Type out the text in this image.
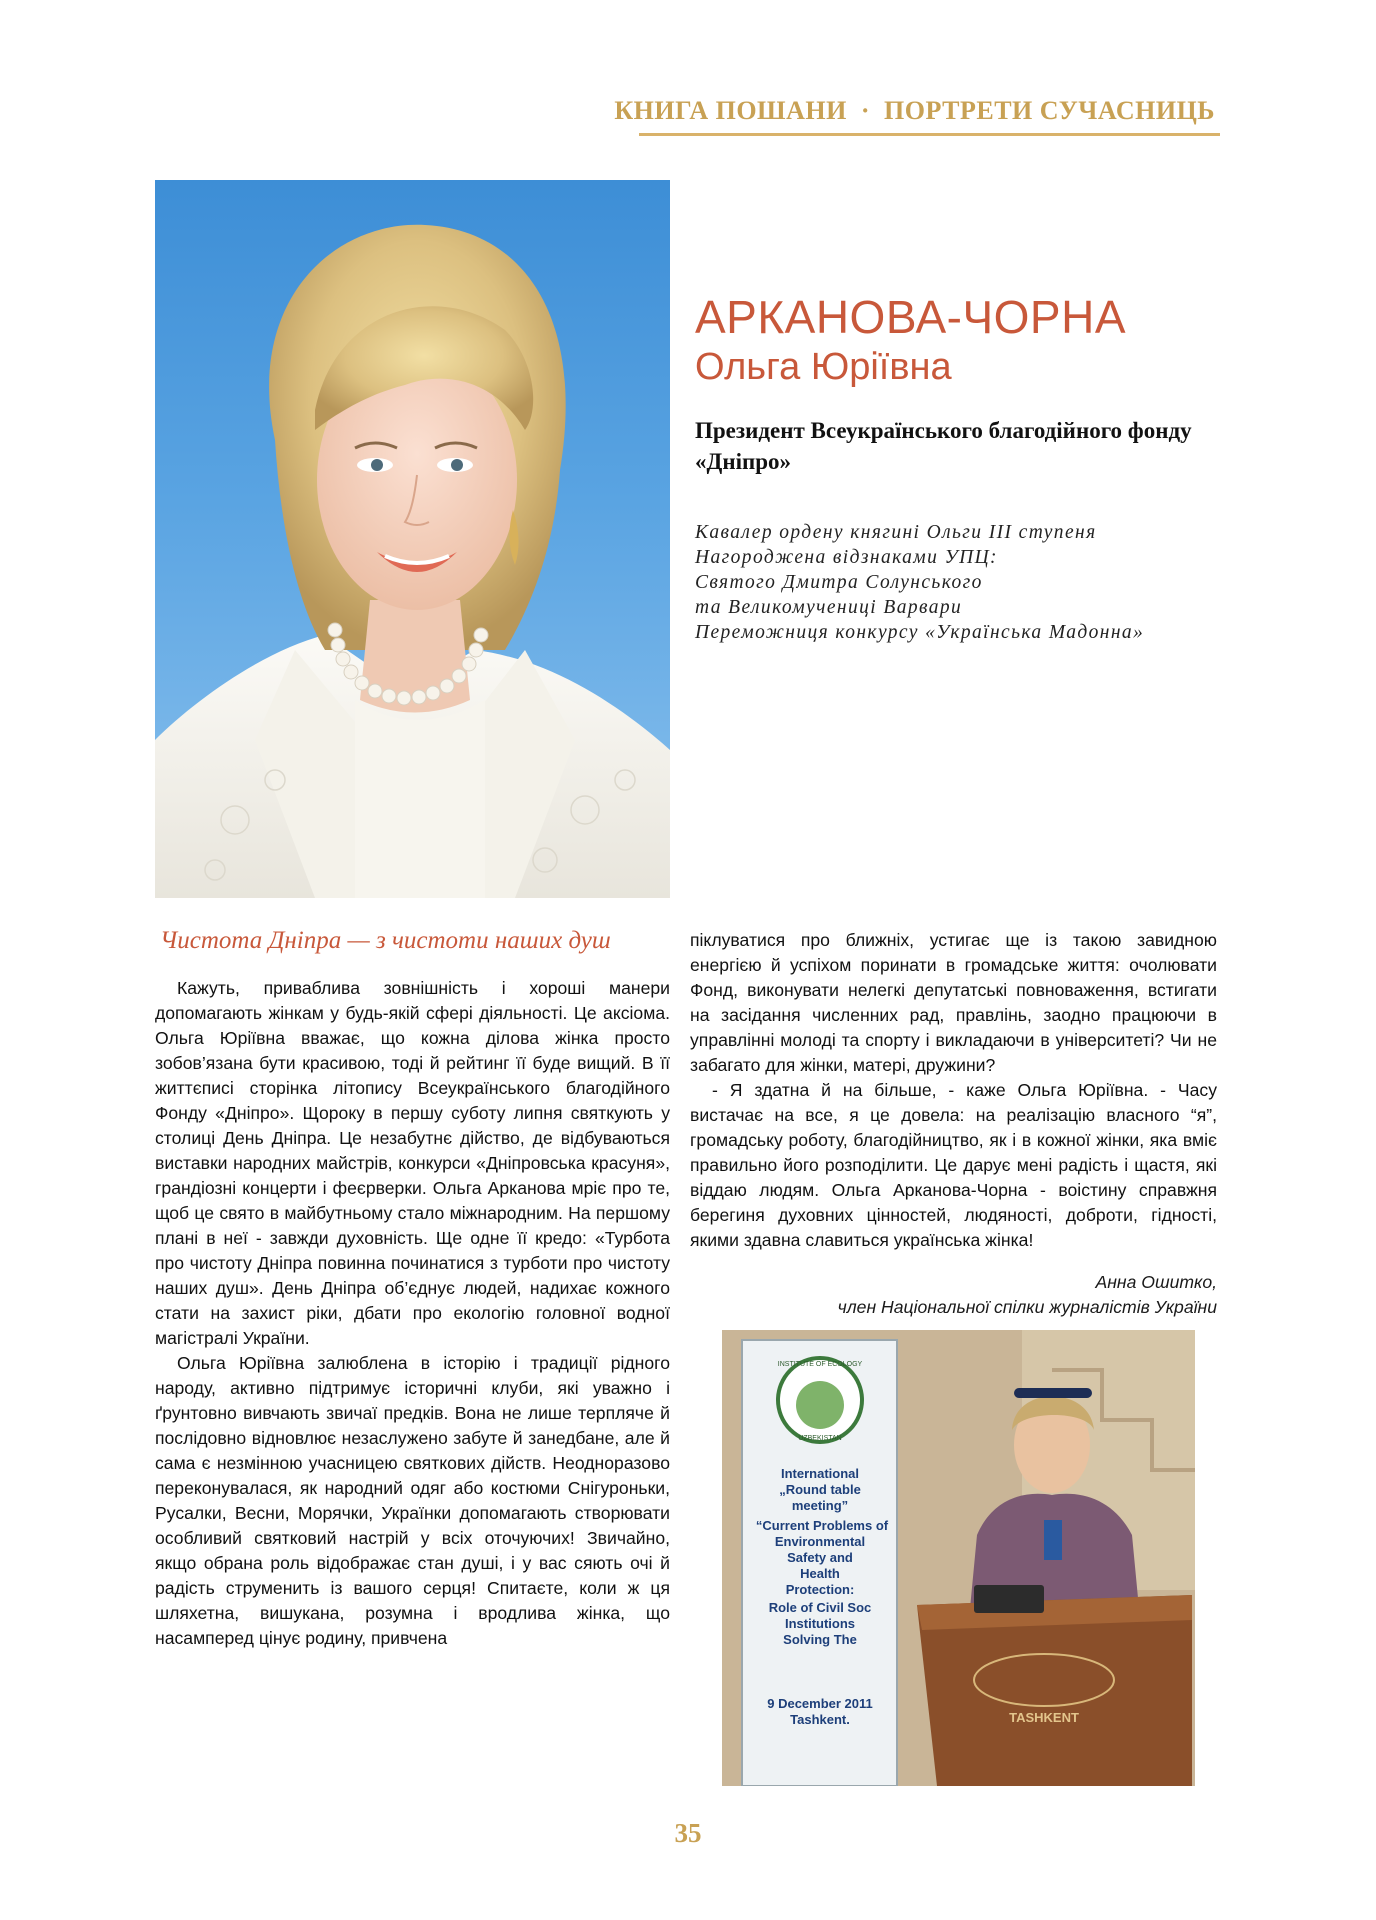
КНИГА ПОШАНИ · ПОРТРЕТИ СУЧАСНИЦЬ
АРКАНОВА-ЧОРНА
Ольга Юріївна
Президент Всеукраїнського благодійного фонду «Дніпро»
Кавалер ордену княгині Ольги ІІІ ступеня
Нагороджена відзнаками УПЦ:
Святого Дмитра Солунського
та Великомучениці Варвари
Переможниця конкурсу «Українська Мадонна»
Чистота Дніпра — з чистоти наших душ

Кажуть, приваблива зовнішність і хороші манери допомагають жінкам у будь-якій сфері діяльності. Це аксіома. Ольга Юріївна вважає, що кожна ділова жінка просто зобов’язана бути красивою, тоді й рейтинг її буде вищий. В її життєписі сторінка літопису Всеукраїнського благодійного Фонду «Дніпро». Щороку в першу суботу липня святкують у столиці День Дніпра. Це незабутнє дійство, де відбуваються виставки народних майстрів, конкурси «Дніпровська красуня», грандіозні концерти і феєрверки. Ольга Арканова мріє про те, щоб це свято в майбутньому стало міжнародним. На першому плані в неї - завжди духовність. Ще одне її кредо: «Турбота про чистоту Дніпра повинна починатися з турботи про чистоту наших душ». День Дніпра об’єднує людей, надихає кожного стати на захист ріки, дбати про екологію головної водної магістралі України.

Ольга Юріївна залюблена в історію і традиції рідного народу, активно підтримує історичні клуби, які уважно і ґрунтовно вивчають звичаї предків. Вона не лише терпляче й послідовно відновлює незаслужено забуте й занедбане, але й сама є незмінною учасницею святкових дійств. Неодноразово переконувалася, як народний одяг або костюми Снігуроньки, Русалки, Весни, Морячки, Українки допомагають створювати особливий святковий настрій у всіх оточуючих! Звичайно, якщо обрана роль відображає стан душі, і у вас сяють очі й радість струменить із вашого серця! Спитаєте, коли ж ця шляхетна, вишукана, розумна і вродлива жінка, що насамперед цінує родину, привчена

піклуватися про ближніх, устигає ще із такою завидною енергією й успіхом поринати в громадське життя: очолювати Фонд, виконувати нелегкі депутатські повноваження, встигати на засідання численних рад, правлінь, заодно працюючи в управлінні молоді та спорту і викладаючи в університеті? Чи не забагато для жінки, матері, дружини?

- Я здатна й на більше, - каже Ольга Юріївна. - Часу вистачає на все, я це довела: на реалізацію власного “я”, громадську роботу, благодійництво, як і в кожної жінки, яка вміє правильно його розподілити. Це дарує мені радість і щастя, які віддаю людям. Ольга Арканова-Чорна - воістину справжня берегиня духовних цінностей, людяності, доброти, гідності, якими здавна славиться українська жінка!

Анна Ошитко,
член Національної спілки журналістів України
INSTITUTE OF ECOLOGY
UZBEKISTAN
International
„Round table
meeting”
“Current Problems of
Environmental
Safety and
Health
Protection:
Role of Civil Soc
Institutions
Solving The
9 December 2011
Tashkent.	TASHKENT
35
